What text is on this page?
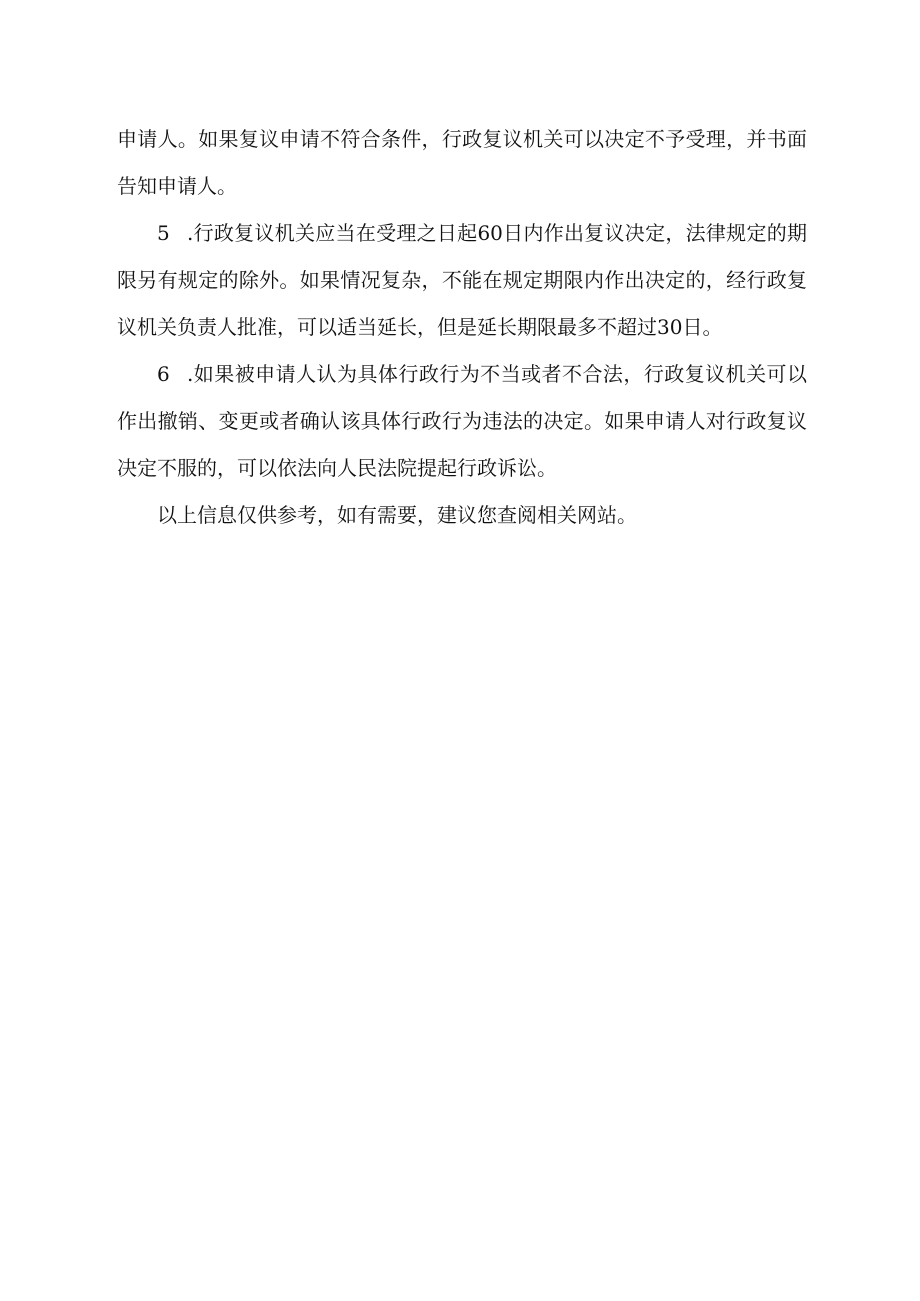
申请人。如果复议申请不符合条件，行政复议机关可以决定不予受理，并书面告知申请人。

5 .行政复议机关应当在受理之日起60日内作出复议决定，法律规定的期限另有规定的除外。如果情况复杂，不能在规定期限内作出决定的，经行政复议机关负责人批准，可以适当延长，但是延长期限最多不超过30日。

6 .如果被申请人认为具体行政行为不当或者不合法，行政复议机关可以作出撤销、变更或者确认该具体行政行为违法的决定。如果申请人对行政复议决定不服的，可以依法向人民法院提起行政诉讼。

以上信息仅供参考，如有需要，建议您查阅相关网站。
